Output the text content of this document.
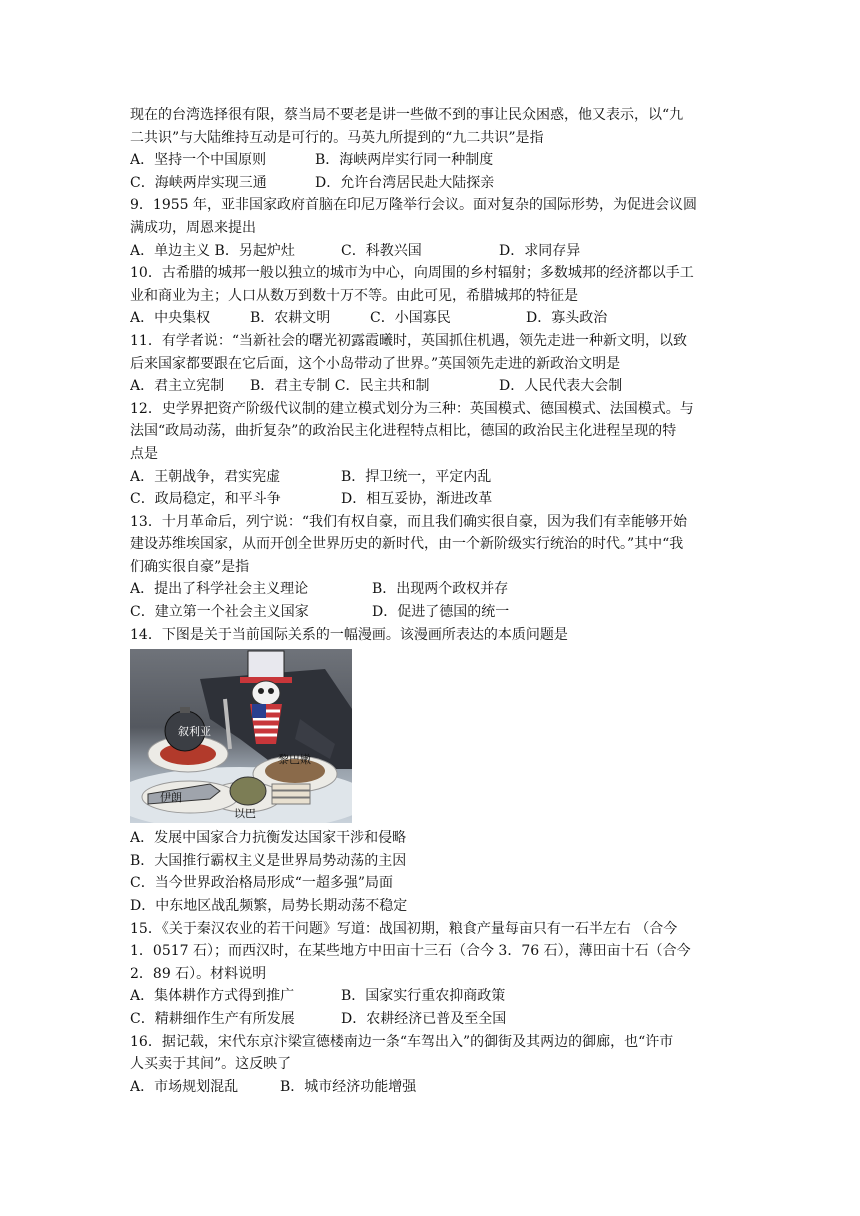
现在的台湾选择很有限，蔡当局不要老是讲一些做不到的事让民众困惑，他又表示，以“九
二共识”与大陆维持互动是可行的。马英九所提到的“九二共识”是指
A．坚持一个中国原则	B．海峡两岸实行同一种制度
C．海峡两岸实现三通	D．允许台湾居民赴大陆探亲
9．1955 年，亚非国家政府首脑在印尼万隆举行会议。面对复杂的国际形势，为促进会议圆
满成功，周恩来提出
A．单边主义 B．另起炉灶	C．科教兴国	D．求同存异
10．古希腊的城邦一般以独立的城市为中心，向周围的乡村辐射；多数城邦的经济都以手工
业和商业为主；人口从数万到数十万不等。由此可见，希腊城邦的特征是
A．中央集权	B．农耕文明	C．小国寡民	D．寡头政治
11．有学者说：“当新社会的曙光初露霞曦时，英国抓住机遇，领先走进一种新文明，以致
后来国家都要跟在它后面，这个小岛带动了世界。”英国领先走进的新政治文明是
A．君主立宪制	B．君主专制 C．民主共和制	D．人民代表大会制
12．史学界把资产阶级代议制的建立模式划分为三种：英国模式、德国模式、法国模式。与
法国“政局动荡，曲折复杂”的政治民主化进程特点相比，德国的政治民主化进程呈现的特
点是
A．王朝战争，君实宪虚	B．捍卫统一，平定内乱
C．政局稳定，和平斗争	D．相互妥协，渐进改革
13．十月革命后，列宁说：“我们有权自豪，而且我们确实很自豪，因为我们有幸能够开始
建设苏维埃国家，从而开创全世界历史的新时代，由一个新阶级实行统治的时代。”其中“我
们确实很自豪”是指
A．提出了科学社会主义理论	B．出现两个政权并存
C．建立第一个社会主义国家	D．促进了德国的统一
14．下图是关于当前国际关系的一幅漫画。该漫画所表达的本质问题是
叙利亚
伊朗
以巴
黎巴嫩
A．发展中国家合力抗衡发达国家干涉和侵略
B．大国推行霸权主义是世界局势动荡的主因
C．当今世界政治格局形成“一超多强”局面
D．中东地区战乱频繁，局势长期动荡不稳定
15．《关于秦汉农业的若干问题》写道：战国初期，粮食产量每亩只有一石半左右 （合今
1．0517 石）；而西汉时，在某些地方中田亩十三石（合今 3．76 石），薄田亩十石（合今
2．89 石）。材料说明
A．集体耕作方式得到推广	B．国家实行重农抑商政策
C．精耕细作生产有所发展	D．农耕经济已普及至全国
16．据记载，宋代东京汴梁宣德楼南边一条“车驾出入”的御街及其两边的御廊，也“许市
人买卖于其间”。这反映了
A．市场规划混乱	B．城市经济功能增强
